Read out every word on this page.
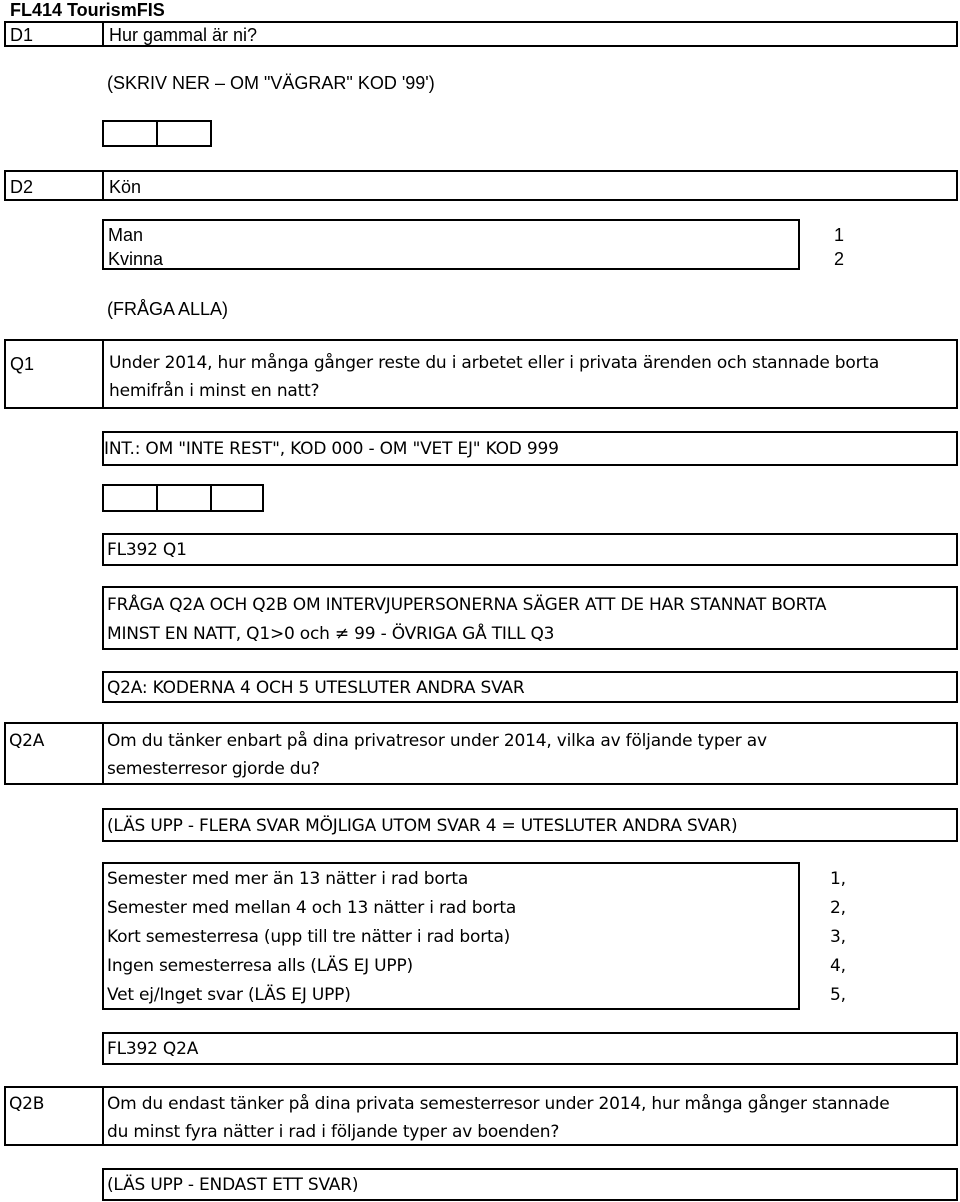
FL414 TourismFIS
D1	Hur gammal är ni?
(SKRIV NER – OM "VÄGRAR" KOD '99')
D2	Kön
Man	1
Kvinna	2
(FRÅGA ALLA)
Q1	Under 2014, hur många gånger reste du i arbetet eller i privata ärenden och stannade borta
hemifrån i minst en natt?
INT.: OM "INTE REST", KOD 000 - OM "VET EJ" KOD 999
FL392 Q1
FRÅGA Q2A OCH Q2B OM INTERVJUPERSONERNA SÄGER ATT DE HAR STANNAT BORTA
MINST EN NATT, Q1>0 och ≠ 99 - ÖVRIGA GÅ TILL Q3
Q2A: KODERNA 4 OCH 5 UTESLUTER ANDRA SVAR
Q2A	Om du tänker enbart på dina privatresor under 2014, vilka av följande typer av
semesterresor gjorde du?
(LÄS UPP - FLERA SVAR MÖJLIGA UTOM SVAR 4 = UTESLUTER ANDRA SVAR)
Semester med mer än 13 nätter i rad borta	1,
Semester med mellan 4 och 13 nätter i rad borta	2,
Kort semesterresa (upp till tre nätter i rad borta)	3,
Ingen semesterresa alls (LÄS EJ UPP)	4,
Vet ej/Inget svar (LÄS EJ UPP)	5,
FL392 Q2A
Q2B	Om du endast tänker på dina privata semesterresor under 2014, hur många gånger stannade
du minst fyra nätter i rad i följande typer av boenden?
(LÄS UPP - ENDAST ETT SVAR)
